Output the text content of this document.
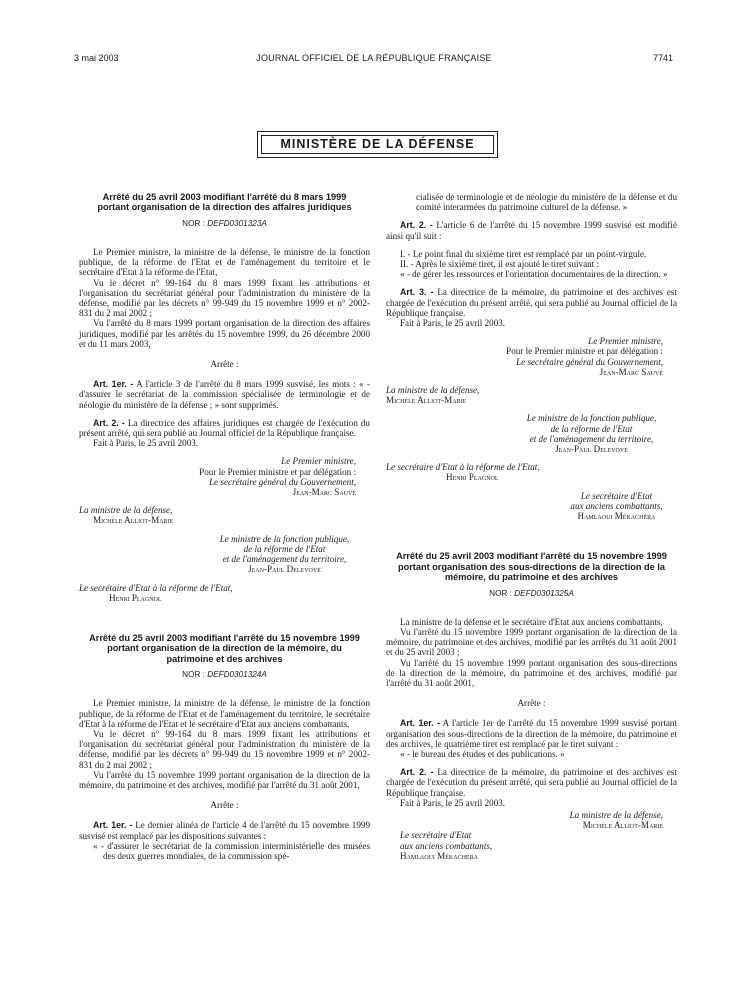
3 mai 2003	JOURNAL OFFICIEL DE LA RÉPUBLIQUE FRANÇAISE	7741
MINISTÈRE DE LA DÉFENSE
Arrêté du 25 avril 2003 modifiant l'arrêté du 8 mars 1999 portant organisation de la direction des affaires juridiques
NOR : DEFD0301323A

Le Premier ministre, la ministre de la défense, le ministre de la fonction publique, de la réforme de l'Etat et de l'aménagement du territoire et le secrétaire d'Etat à la réforme de l'Etat,

Vu le décret n° 99-164 du 8 mars 1999 fixant les attributions et l'organisation du secrétariat général pour l'administration du ministère de la défense, modifié par les décrets n° 99-949 du 15 novembre 1999 et n° 2002-831 du 2 mai 2002 ;

Vu l'arrêté du 8 mars 1999 portant organisation de la direction des affaires juridiques, modifié par les arrêtés du 15 novembre 1999, du 26 décembre 2000 et du 11 mars 2003,

Arrête :

Art. 1er. - A l'article 3 de l'arrêté du 8 mars 1999 susvisé, les mots : « - d'assurer le secrétariat de la commission spécialisée de terminologie et de néologie du ministère de la défense ; » sont supprimés.

Art. 2. - La directrice des affaires juridiques est chargée de l'exécution du présent arrêté, qui sera publié au Journal officiel de la République française.

Fait à Paris, le 25 avril 2003.

Le Premier ministre,
Pour le Premier ministre et par délégation :
Le secrétaire général du Gouvernement,
Jean-Marc Sauvé
La ministre de la défense,
Michèle Alliot-Marie
Le ministre de la fonction publique,
de la réforme de l'Etat
et de l'aménagement du territoire,
Jean-Paul Delevoye
Le secrétaire d'Etat à la réforme de l'Etat,
Henri Plagnol
Arrêté du 25 avril 2003 modifiant l'arrêté du 15 novembre 1999 portant organisation de la direction de la mémoire, du patrimoine et des archives
NOR : DEFD0301324A

Le Premier ministre, la ministre de la défense, le ministre de la fonction publique, de la réforme de l'Etat et de l'aménagement du territoire, le secrétaire d'Etat à la réforme de l'Etat et le secrétaire d'Etat aux anciens combattants,

Vu le décret n° 99-164 du 8 mars 1999 fixant les attributions et l'organisation du secrétariat général pour l'administration du ministère de la défense, modifié par les décrets n° 99-949 du 15 novembre 1999 et n° 2002-831 du 2 mai 2002 ;

Vu l'arrêté du 15 novembre 1999 portant organisation de la direction de la mémoire, du patrimoine et des archives, modifié par l'arrêté du 31 août 2001,

Arrête :

Art. 1er. - Le dernier alinéa de l'article 4 de l'arrêté du 15 novembre 1999 susvisé est remplacé par les dispositions suivantes :

« - d'assurer le secrétariat de la commission interministérielle des musées des deux guerres mondiales, de la commission spé-

cialisée de terminologie et de néologie du ministère de la défense et du comité interarmées du patrimoine culturel de la défense. »

Art. 2. - L'article 6 de l'arrêté du 15 novembre 1999 susvisé est modifié ainsi qu'il suit :

I. - Le point final du sixième tiret est remplacé par un point-virgule.

II. - Après le sixième tiret, il est ajouté le tiret suivant :

« - de gérer les ressources et l'orientation documentaires de la direction. »

Art. 3. - La directrice de la mémoire, du patrimoine et des archives est chargée de l'exécution du présent arrêté, qui sera publié au Journal officiel de la République française.

Fait à Paris, le 25 avril 2003.

Le Premier ministre,
Pour le Premier ministre et par délégation :
Le secrétaire général du Gouvernement,
Jean-Marc Sauvé
La ministre de la défense,
Michèle Alliot-Marie
Le ministre de la fonction publique,
de la réforme de l'Etat
et de l'aménagement du territoire,
Jean-Paul Delevoye
Le secrétaire d'Etat à la réforme de l'Etat,
Henri Plagnol
Le secrétaire d'Etat
aux anciens combattants,
Hamlaoui Mékachéra
Arrêté du 25 avril 2003 modifiant l'arrêté du 15 novembre 1999 portant organisation des sous-directions de la direction de la mémoire, du patrimoine et des archives
NOR : DEFD0301325A

La ministre de la défense et le secrétaire d'Etat aux anciens combattants,

Vu l'arrêté du 15 novembre 1999 portant organisation de la direction de la mémoire, du patrimoine et des archives, modifié par les arrêtés du 31 août 2001 et du 25 avril 2003 ;

Vu l'arrêté du 15 novembre 1999 portant organisation des sous-directions de la direction de la mémoire, du patrimoine et des archives, modifié par l'arrêté du 31 août 2001,

Arrête :

Art. 1er. - A l'article 1er de l'arrêté du 15 novembre 1999 susvisé portant organisation des sous-directions de la direction de la mémoire, du patrimoine et des archives, le quatrième tiret est remplacé par le tiret suivant :

« - le bureau des études et des publications. »

Art. 2. - La directrice de la mémoire, du patrimoine et des archives est chargée de l'exécution du présent arrêté, qui sera publié au Journal officiel de la République française.

Fait à Paris, le 25 avril 2003.

La ministre de la défense,
Michèle Alliot-Marie
Le secrétaire d'Etat
aux anciens combattants,
Hamlaoui Mékachéra
